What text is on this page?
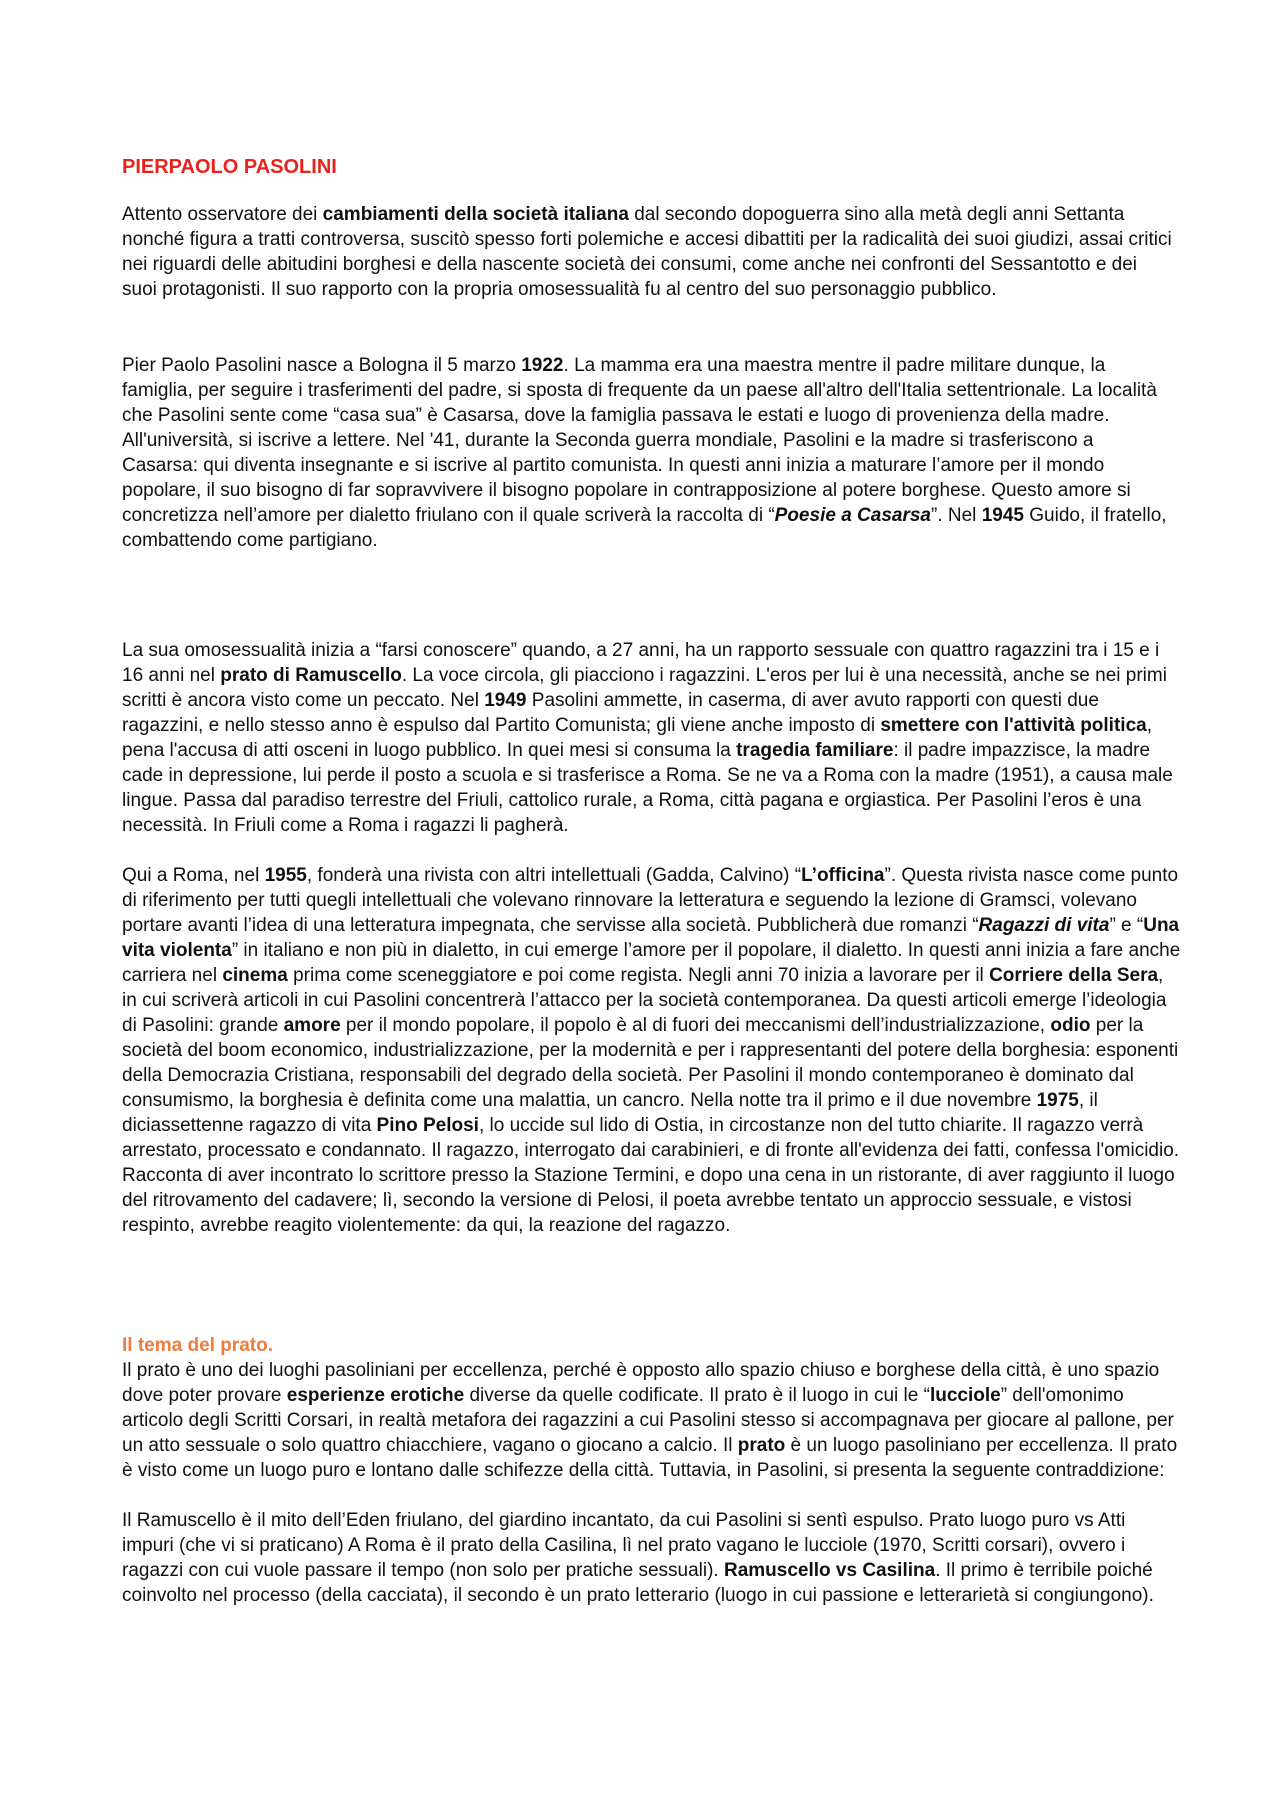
PIERPAOLO PASOLINI

Attento osservatore dei cambiamenti della società italiana dal secondo dopoguerra sino alla metà degli anni Settanta nonché figura a tratti controversa, suscitò spesso forti polemiche e accesi dibattiti per la radicalità dei suoi giudizi, assai critici nei riguardi delle abitudini borghesi e della nascente società dei consumi, come anche nei confronti del Sessantotto e dei suoi protagonisti. Il suo rapporto con la propria omosessualità fu al centro del suo personaggio pubblico.

Pier Paolo Pasolini nasce a Bologna il 5 marzo 1922. La mamma era una maestra mentre il padre militare dunque, la famiglia, per seguire i trasferimenti del padre, si sposta di frequente da un paese all'altro dell'Italia settentrionale. La località che Pasolini sente come “casa sua” è Casarsa, dove la famiglia passava le estati e luogo di provenienza della madre. All'università, si iscrive a lettere. Nel '41, durante la Seconda guerra mondiale, Pasolini e la madre si trasferiscono a Casarsa: qui diventa insegnante e si iscrive al partito comunista. In questi anni inizia a maturare l’amore per il mondo popolare, il suo bisogno di far sopravvivere il bisogno popolare in contrapposizione al potere borghese. Questo amore si concretizza nell’amore per dialetto friulano con il quale scriverà la raccolta di “Poesie a Casarsa”. Nel 1945 Guido, il fratello, combattendo come partigiano.

La sua omosessualità inizia a “farsi conoscere” quando, a 27 anni, ha un rapporto sessuale con quattro ragazzini tra i 15 e i 16 anni nel prato di Ramuscello. La voce circola, gli piacciono i ragazzini. L'eros per lui è una necessità, anche se nei primi scritti è ancora visto come un peccato. Nel 1949 Pasolini ammette, in caserma, di aver avuto rapporti con questi due ragazzini, e nello stesso anno è espulso dal Partito Comunista; gli viene anche imposto di smettere con l'attività politica, pena l'accusa di atti osceni in luogo pubblico. In quei mesi si consuma la tragedia familiare: il padre impazzisce, la madre cade in depressione, lui perde il posto a scuola e si trasferisce a Roma. Se ne va a Roma con la madre (1951), a causa male lingue. Passa dal paradiso terrestre del Friuli, cattolico rurale, a Roma, città pagana e orgiastica. Per Pasolini l’eros è una necessità. In Friuli come a Roma i ragazzi li pagherà.

Qui a Roma, nel 1955, fonderà una rivista con altri intellettuali (Gadda, Calvino) “L’officina”. Questa rivista nasce come punto di riferimento per tutti quegli intellettuali che volevano rinnovare la letteratura e seguendo la lezione di Gramsci, volevano portare avanti l’idea di una letteratura impegnata, che servisse alla società. Pubblicherà due romanzi “Ragazzi di vita” e “Una vita violenta” in italiano e non più in dialetto, in cui emerge l’amore per il popolare, il dialetto. In questi anni inizia a fare anche carriera nel cinema prima come sceneggiatore e poi come regista. Negli anni 70 inizia a lavorare per il Corriere della Sera, in cui scriverà articoli in cui Pasolini concentrerà l’attacco per la società contemporanea. Da questi articoli emerge l’ideologia di Pasolini: grande amore per il mondo popolare, il popolo è al di fuori dei meccanismi dell’industrializzazione, odio per la società del boom economico, industrializzazione, per la modernità e per i rappresentanti del potere della borghesia: esponenti della Democrazia Cristiana, responsabili del degrado della società. Per Pasolini il mondo contemporaneo è dominato dal consumismo, la borghesia è definita come una malattia, un cancro. Nella notte tra il primo e il due novembre 1975, il diciassettenne ragazzo di vita Pino Pelosi, lo uccide sul lido di Ostia, in circostanze non del tutto chiarite. Il ragazzo verrà arrestato, processato e condannato. Il ragazzo, interrogato dai carabinieri, e di fronte all'evidenza dei fatti, confessa l'omicidio. Racconta di aver incontrato lo scrittore presso la Stazione Termini, e dopo una cena in un ristorante, di aver raggiunto il luogo del ritrovamento del cadavere; lì, secondo la versione di Pelosi, il poeta avrebbe tentato un approccio sessuale, e vistosi respinto, avrebbe reagito violentemente: da qui, la reazione del ragazzo.

Il tema del prato.

Il prato è uno dei luoghi pasoliniani per eccellenza, perché è opposto allo spazio chiuso e borghese della città, è uno spazio dove poter provare esperienze erotiche diverse da quelle codificate. Il prato è il luogo in cui le “lucciole” dell'omonimo articolo degli Scritti Corsari, in realtà metafora dei ragazzini a cui Pasolini stesso si accompagnava per giocare al pallone, per un atto sessuale o solo quattro chiacchiere, vagano o giocano a calcio. Il prato è un luogo pasoliniano per eccellenza. Il prato è visto come un luogo puro e lontano dalle schifezze della città. Tuttavia, in Pasolini, si presenta la seguente contraddizione:

Il Ramuscello è il mito dell’Eden friulano, del giardino incantato, da cui Pasolini si sentì espulso. Prato luogo puro vs Atti impuri (che vi si praticano) A Roma è il prato della Casilina, lì nel prato vagano le lucciole (1970, Scritti corsari), ovvero i ragazzi con cui vuole passare il tempo (non solo per pratiche sessuali). Ramuscello vs Casilina. Il primo è terribile poiché coinvolto nel processo (della cacciata), il secondo è un prato letterario (luogo in cui passione e letterarietà si congiungono).
